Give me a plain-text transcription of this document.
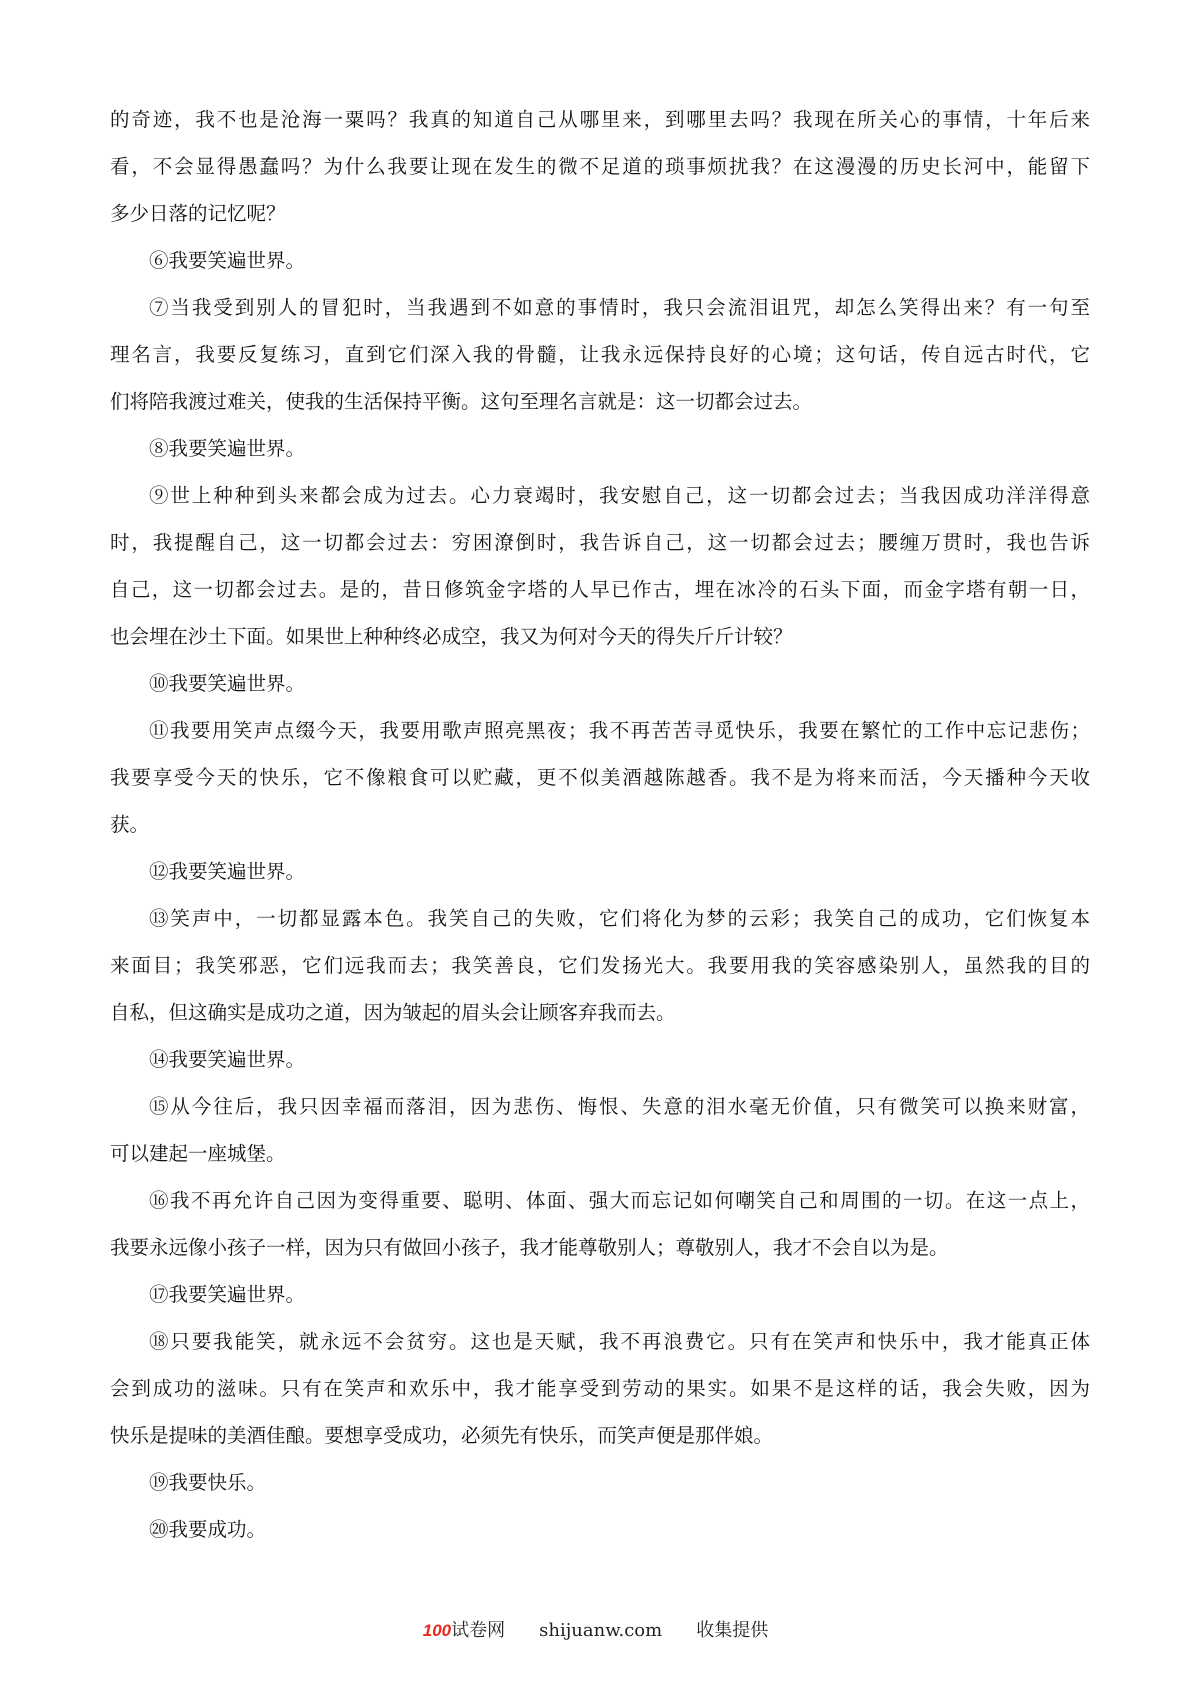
的奇迹，我不也是沧海一粟吗？我真的知道自己从哪里来，到哪里去吗？我现在所关心的事情，十年后来
看，不会显得愚蠢吗？为什么我要让现在发生的微不足道的琐事烦扰我？在这漫漫的历史长河中，能留下
多少日落的记忆呢？
⑥我要笑遍世界。
⑦当我受到别人的冒犯时，当我遇到不如意的事情时，我只会流泪诅咒，却怎么笑得出来？有一句至
理名言，我要反复练习，直到它们深入我的骨髓，让我永远保持良好的心境；这句话，传自远古时代，它
们将陪我渡过难关，使我的生活保持平衡。这句至理名言就是：这一切都会过去。
⑧我要笑遍世界。
⑨世上种种到头来都会成为过去。心力衰竭时，我安慰自己，这一切都会过去；当我因成功洋洋得意
时，我提醒自己，这一切都会过去：穷困潦倒时，我告诉自己，这一切都会过去；腰缠万贯时，我也告诉
自己，这一切都会过去。是的，昔日修筑金字塔的人早已作古，埋在冰冷的石头下面，而金字塔有朝一日，
也会埋在沙土下面。如果世上种种终必成空，我又为何对今天的得失斤斤计较？
⑩我要笑遍世界。
⑪我要用笑声点缀今天，我要用歌声照亮黑夜；我不再苦苦寻觅快乐，我要在繁忙的工作中忘记悲伤；
我要享受今天的快乐，它不像粮食可以贮藏，更不似美酒越陈越香。我不是为将来而活，今天播种今天收
获。
⑫我要笑遍世界。
⑬笑声中，一切都显露本色。我笑自己的失败，它们将化为梦的云彩；我笑自己的成功，它们恢复本
来面目；我笑邪恶，它们远我而去；我笑善良，它们发扬光大。我要用我的笑容感染别人，虽然我的目的
自私，但这确实是成功之道，因为皱起的眉头会让顾客弃我而去。
⑭我要笑遍世界。
⑮从今往后，我只因幸福而落泪，因为悲伤、悔恨、失意的泪水毫无价值，只有微笑可以换来财富，
可以建起一座城堡。
⑯我不再允许自己因为变得重要、聪明、体面、强大而忘记如何嘲笑自己和周围的一切。在这一点上，
我要永远像小孩子一样，因为只有做回小孩子，我才能尊敬别人；尊敬别人，我才不会自以为是。
⑰我要笑遍世界。
⑱只要我能笑，就永远不会贫穷。这也是天赋，我不再浪费它。只有在笑声和快乐中，我才能真正体
会到成功的滋味。只有在笑声和欢乐中，我才能享受到劳动的果实。如果不是这样的话，我会失败，因为
快乐是提味的美酒佳酿。要想享受成功，必须先有快乐，而笑声便是那伴娘。
⑲我要快乐。
⑳我要成功。
100试卷网 shijuanw.com 收集提供
